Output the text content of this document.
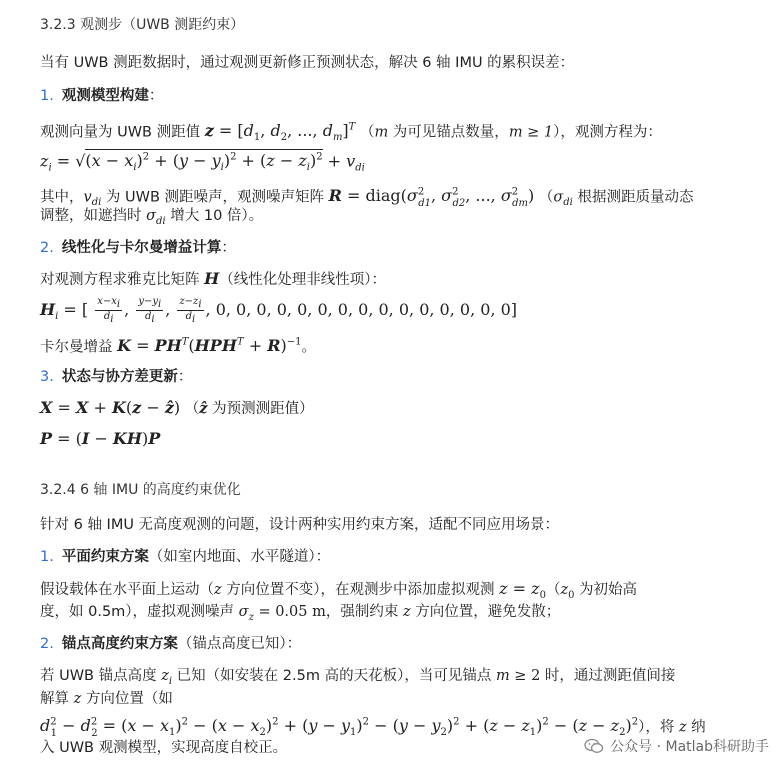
3.2.3 观测步（UWB 测距约束）
当有 UWB 测距数据时，通过观测更新修正预测状态，解决 6 轴 IMU 的累积误差：
1. 观测模型构建：
观测向量为 UWB 测距值 $z = [d_1$, $d_2$, ..., $d_m]^T$ （m 为可见锚点数量，m ≥ 1），观测方程为：
$z_i = √(x - x_i)^2 + (y - y_i)^2 + (z - z_i)^2 + v_{di}$
其中，$v_{di}$ 为 UWB 测距噪声，观测噪声矩阵 $R = diag(\sigma^2_{d1}$, $\sigma^2_{d2}$, ..., $\sigma^2_{dm}$) （$\sigma_{di}$ 根据测距质量动态
调整，如遮挡时 $\sigma_{di}$ 增大 10 倍）。
2. 线性化与卡尔曼增益计算：
对观测方程求雅克比矩阵 H（线性化处理非线性项）：
$H_i$ = [ $\frac{x-x_i}{d_i}$ , $\frac{y-y_i}{d_i}$ , $\frac{z-z_i}{d_i}$ , 0, 0, 0, 0, 0, 0, 0, 0, 0, 0, 0, 0, 0, 0, 0]
卡尔曼增益 $K = PH^T(HPH^T + R)^{-1}$。
3. 状态与协方差更新：
X = X + K(z − ẑ) （ẑ 为预测测距值）
P = (I − KH)P
3.2.4 6 轴 IMU 的高度约束优化
针对 6 轴 IMU 无高度观测的问题，设计两种实用约束方案，适配不同应用场景：
1. 平面约束方案（如室内地面、水平隧道）：
假设载体在水平面上运动（z 方向位置不变），在观测步中添加虚拟观测 $z = z_0(z_0$ 为初始高
度，如 0.5m），虚拟观测噪声 $\sigma_z = 0.05$ m，强制约束 z 方向位置，避免发散；
2. 锚点高度约束方案（锚点高度已知）：
若 UWB 锚点高度 $z_i$ 已知（如安装在 2.5m 高的天花板），当可见锚点 m ≥ 2 时，通过测距值间接
解算 z 方向位置（如
$d^2_1 - d^2_2 = (x - x_1)^2 - (x - x_2)^2 + (y - y_1)^2 - (y - y_2)^2 + (z - z_1)^2 - (z - z_2)^2$），将 z 纳
入 UWB 观测模型，实现高度自校正。	公众号 · Matlab科研助手
